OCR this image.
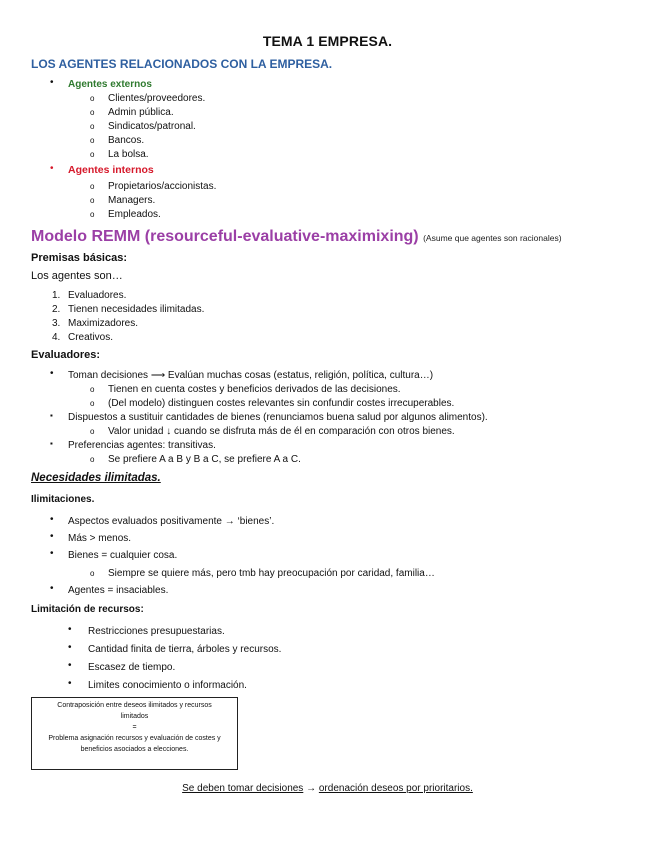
TEMA 1 EMPRESA.
LOS AGENTES RELACIONADOS CON LA EMPRESA.
• Agentes externos
o Clientes/proveedores.
o Admin pública.
o Sindicatos/patronal.
o Bancos.
o La bolsa.
• Agentes internos
o Propietarios/accionistas.
o Managers.
o Empleados.
Modelo REMM (resourceful-evaluative-maximixing) (Asume que agentes son racionales)
Premisas básicas:
Los agentes son…
1. Evaluadores.
2. Tienen necesidades ilimitadas.
3. Maximizadores.
4. Creativos.
Evaluadores:
• Toman decisiones ⟶ Evalúan muchas cosas (estatus, religión, política, cultura…)
o Tienen en cuenta costes y beneficios derivados de las decisiones.
o (Del modelo) distinguen costes relevantes sin confundir costes irrecuperables.
▪ Dispuestos a sustituir cantidades de bienes (renunciamos buena salud por algunos alimentos).
o Valor unidad ↓ cuando se disfruta más de él en comparación con otros bienes.
▪ Preferencias agentes: transitivas.
o Se prefiere A a B y B a C, se prefiere A a C.
Necesidades ilimitadas.
Ilimitaciones.
• Aspectos evaluados positivamente → ‘bienes’.
• Más > menos.
• Bienes = cualquier cosa.
o Siempre se quiere más, pero tmb hay preocupación por caridad, familia…
• Agentes = insaciables.
Limitación de recursos:
• Restricciones presupuestarias.
• Cantidad finita de tierra, árboles y recursos.
• Escasez de tiempo.
• Limites conocimiento o información.
Contraposición entre deseos ilimitados y recursos
limitados
=
Problema asignación recursos y evaluación de costes y
beneficios asociados a elecciones.
Se deben tomar decisiones → ordenación deseos por prioritarios.
